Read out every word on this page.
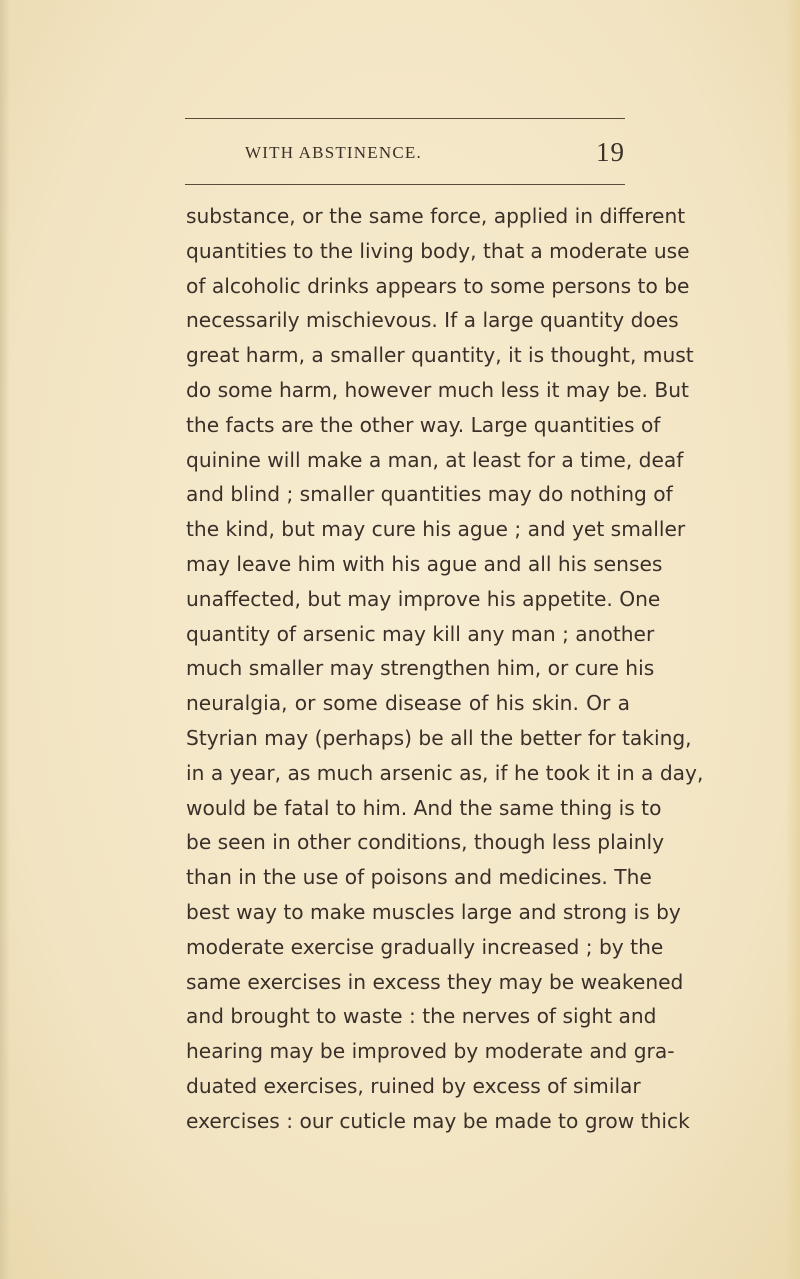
WITH ABSTINENCE.	19
substance, or the same force, applied in different
quantities to the living body, that a moderate use
of alcoholic drinks appears to some persons to be
necessarily mischievous. If a large quantity does
great harm, a smaller quantity, it is thought, must
do some harm, however much less it may be. But
the facts are the other way. Large quantities of
quinine will make a man, at least for a time, deaf
and blind ; smaller quantities may do nothing of
the kind, but may cure his ague ; and yet smaller
may leave him with his ague and all his senses
unaffected, but may improve his appetite. One
quantity of arsenic may kill any man ; another
much smaller may strengthen him, or cure his
neuralgia, or some disease of his skin. Or a
Styrian may (perhaps) be all the better for taking,
in a year, as much arsenic as, if he took it in a day,
would be fatal to him. And the same thing is to
be seen in other conditions, though less plainly
than in the use of poisons and medicines. The
best way to make muscles large and strong is by
moderate exercise gradually increased ; by the
same exercises in excess they may be weakened
and brought to waste : the nerves of sight and
hearing may be improved by moderate and gra-
duated exercises, ruined by excess of similar
exercises : our cuticle may be made to grow thick
